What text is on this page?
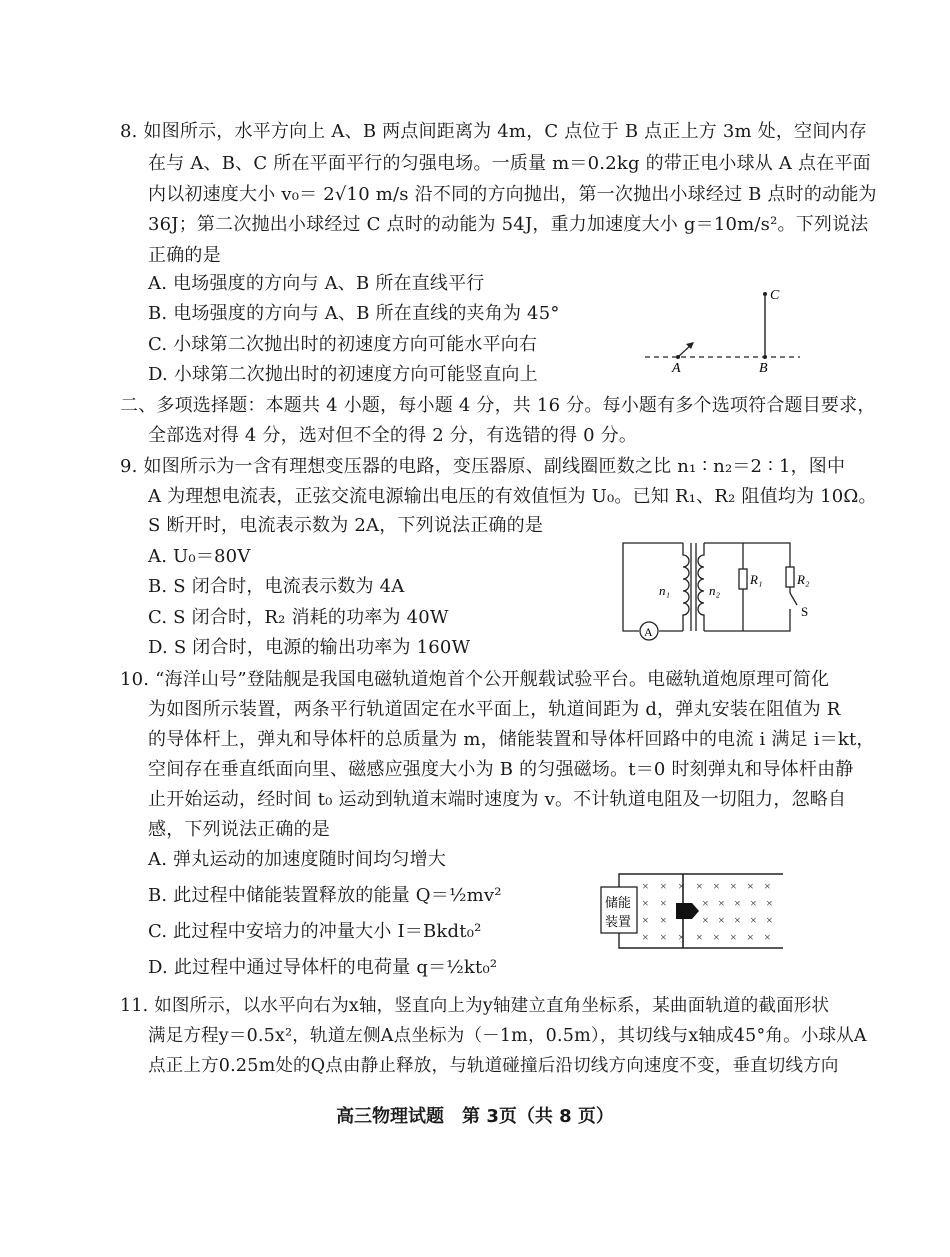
8. 如图所示，水平方向上 A、B 两点间距离为 4m，C 点位于 B 点正上方 3m 处，空间内存
在与 A、B、C 所在平面平行的匀强电场。一质量 m＝0.2kg 的带正电小球从 A 点在平面
内以初速度大小 v₀＝ 2√10 m/s 沿不同的方向抛出，第一次抛出小球经过 B 点时的动能为
36J；第二次抛出小球经过 C 点时的动能为 54J，重力加速度大小 g＝10m/s²。下列说法
正确的是
A. 电场强度的方向与 A、B 所在直线平行
B. 电场强度的方向与 A、B 所在直线的夹角为 45°
C. 小球第二次抛出时的初速度方向可能水平向右
D. 小球第二次抛出时的初速度方向可能竖直向上
C
A	B
二、多项选择题：本题共 4 小题，每小题 4 分，共 16 分。每小题有多个选项符合题目要求，
全部选对得 4 分，选对但不全的得 2 分，有选错的得 0 分。
9. 如图所示为一含有理想变压器的电路，变压器原、副线圈匝数之比 n₁ ∶ n₂＝2 ∶ 1，图中
A 为理想电流表，正弦交流电源输出电压的有效值恒为 U₀。已知 R₁、R₂ 阻值均为 10Ω。
S 断开时，电流表示数为 2A，下列说法正确的是
A. U₀＝80V
B. S 闭合时，电流表示数为 4A
C. S 闭合时，R₂ 消耗的功率为 40W
D. S 闭合时，电源的输出功率为 160W
A
n₁	n₂
R₁	R₂
S
10. “海洋山号”登陆舰是我国电磁轨道炮首个公开舰载试验平台。电磁轨道炮原理可简化
为如图所示装置，两条平行轨道固定在水平面上，轨道间距为 d，弹丸安装在阻值为 R
的导体杆上，弹丸和导体杆的总质量为 m，储能装置和导体杆回路中的电流 i 满足 i＝kt，
空间存在垂直纸面向里、磁感应强度大小为 B 的匀强磁场。t＝0 时刻弹丸和导体杆由静
止开始运动，经时间 t₀ 运动到轨道末端时速度为 v。不计轨道电阻及一切阻力，忽略自
感，下列说法正确的是
A. 弹丸运动的加速度随时间均匀增大
B. 此过程中储能装置释放的能量 Q＝½mv²
C. 此过程中安培力的冲量大小 I＝Bkdt₀²
D. 此过程中通过导体杆的电荷量 q＝½kt₀²
储能
装置
× × × × × × × ×
× ×	× × × × ×
× ×	× × × × ×
× × × × × × × ×
11. 如图所示，以水平向右为x轴，竖直向上为y轴建立直角坐标系，某曲面轨道的截面形状
满足方程y＝0.5x²，轨道左侧A点坐标为（－1m，0.5m），其切线与x轴成45°角。小球从A
点正上方0.25m处的Q点由静止释放，与轨道碰撞后沿切线方向速度不变，垂直切线方向
高三物理试题　第 3页（共 8 页）
